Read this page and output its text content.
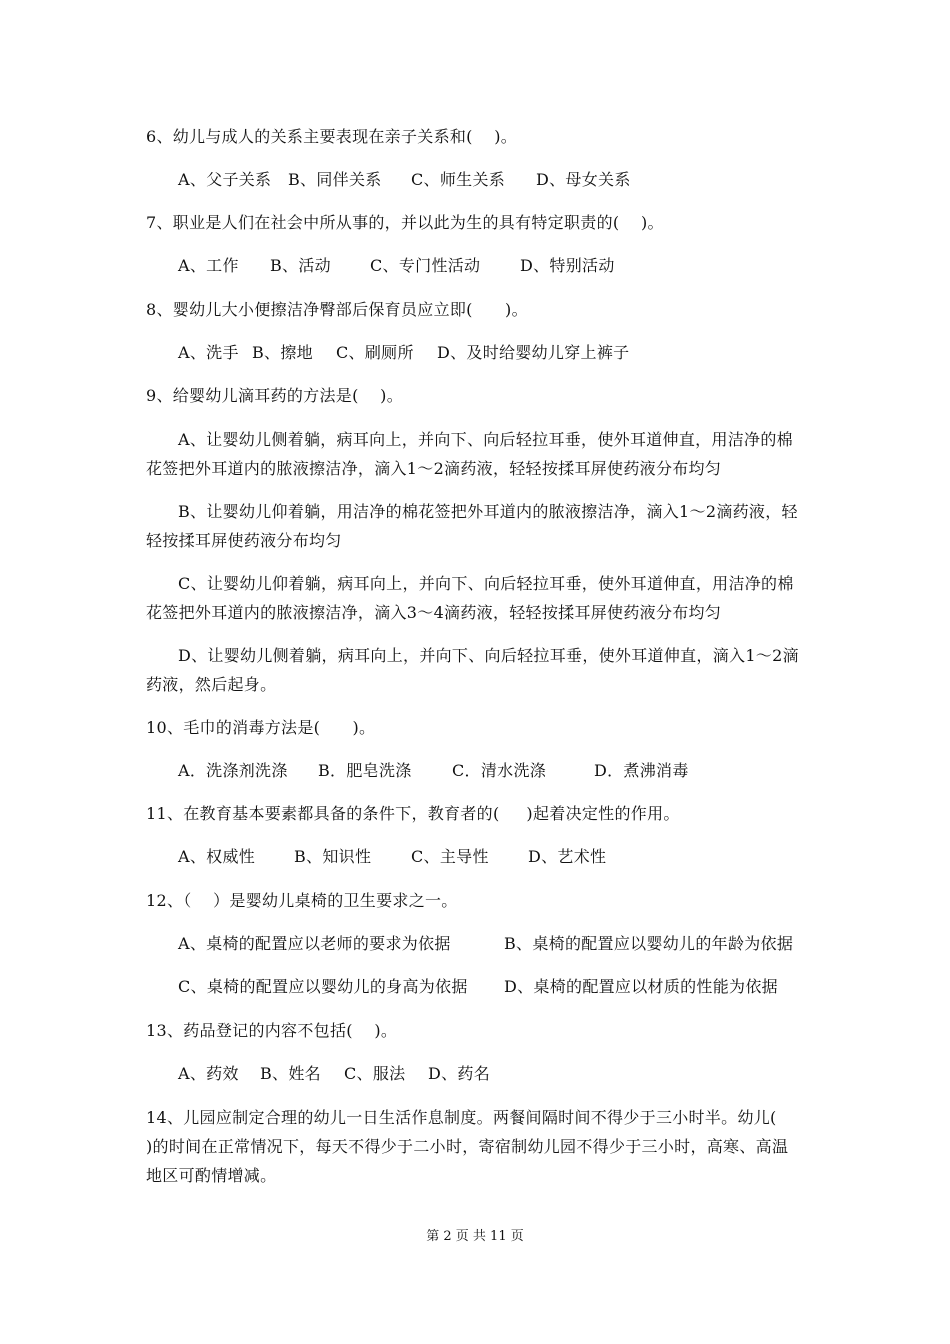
6、幼儿与成人的关系主要表现在亲子关系和(    )。
A、父子关系 B、同伴关系 C、师生关系 D、母女关系
7、职业是人们在社会中所从事的，并以此为生的具有特定职责的(    )。
A、工作 B、活动 C、专门性活动 D、特别活动
8、婴幼儿大小便擦洁净臀部后保育员应立即(      )。
A、洗手 B、擦地 C、刷厕所 D、及时给婴幼儿穿上裤子
9、给婴幼儿滴耳药的方法是(    )。
A、让婴幼儿侧着躺，病耳向上，并向下、向后轻拉耳垂，使外耳道伸直，用洁净的棉
花签把外耳道内的脓液擦洁净，滴入1～2滴药液，轻轻按揉耳屏使药液分布均匀
B、让婴幼儿仰着躺，用洁净的棉花签把外耳道内的脓液擦洁净，滴入1～2滴药液，轻
轻按揉耳屏使药液分布均匀
C、让婴幼儿仰着躺，病耳向上，并向下、向后轻拉耳垂，使外耳道伸直，用洁净的棉
花签把外耳道内的脓液擦洁净，滴入3～4滴药液，轻轻按揉耳屏使药液分布均匀
D、让婴幼儿侧着躺，病耳向上，并向下、向后轻拉耳垂，使外耳道伸直，滴入1～2滴
药液，然后起身。
10、毛巾的消毒方法是(      )。
A．洗涤剂洗涤 B．肥皂洗涤	C．清水洗涤	D．煮沸消毒
11、在教育基本要素都具备的条件下，教育者的(     )起着决定性的作用。
A、权威性 B、知识性 C、主导性 D、艺术性
12、（    ）是婴幼儿桌椅的卫生要求之一。
A、桌椅的配置应以老师的要求为依据	B、桌椅的配置应以婴幼儿的年龄为依据
C、桌椅的配置应以婴幼儿的身高为依据 D、桌椅的配置应以材质的性能为依据
13、药品登记的内容不包括(    )。
A、药效 B、姓名 C、服法 D、药名
14、儿园应制定合理的幼儿一日生活作息制度。两餐间隔时间不得少于三小时半。幼儿(
)的时间在正常情况下，每天不得少于二小时，寄宿制幼儿园不得少于三小时，高寒、高温
地区可酌情增减。
第 2 页 共 11 页
